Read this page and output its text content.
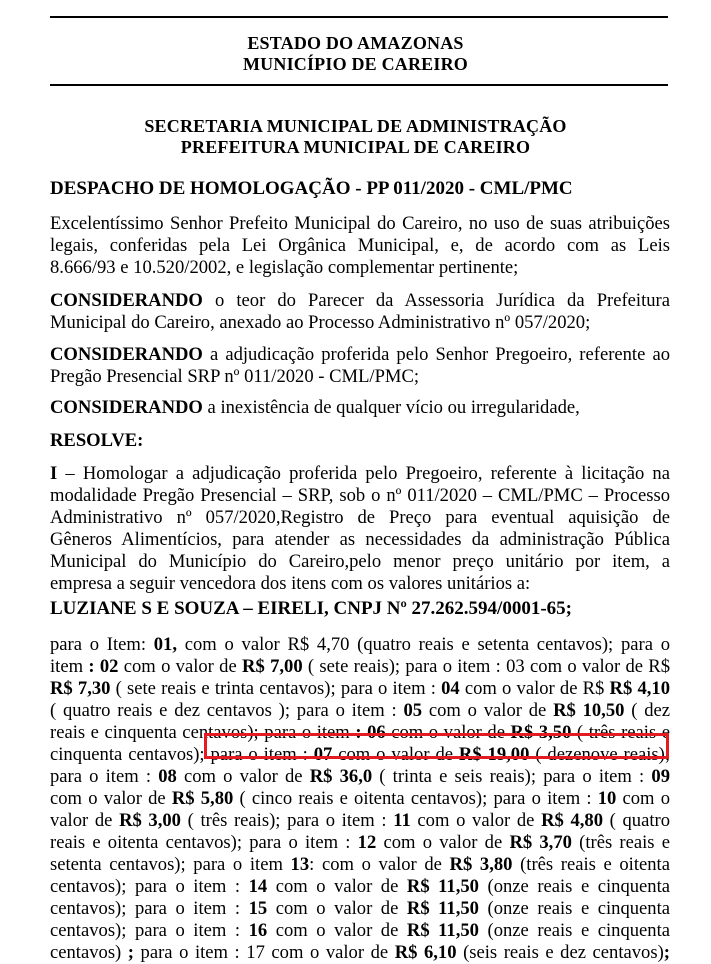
ESTADO DO AMAZONAS
MUNICÍPIO DE CAREIRO
SECRETARIA MUNICIPAL DE ADMINISTRAÇÃO
PREFEITURA MUNICIPAL DE CAREIRO
DESPACHO DE HOMOLOGAÇÃO - PP 011/2020 - CML/PMC
Excelentíssimo Senhor Prefeito Municipal do Careiro, no uso de suas atribuições
legais, conferidas pela Lei Orgânica Municipal, e, de acordo com as Leis
8.666/93 e 10.520/2002, e legislação complementar pertinente;
CONSIDERANDO o teor do Parecer da Assessoria Jurídica da Prefeitura
Municipal do Careiro, anexado ao Processo Administrativo nº 057/2020;
CONSIDERANDO a adjudicação proferida pelo Senhor Pregoeiro, referente ao
Pregão Presencial SRP nº 011/2020 - CML/PMC;
CONSIDERANDO a inexistência de qualquer vício ou irregularidade,
RESOLVE:
I – Homologar a adjudicação proferida pelo Pregoeiro, referente à licitação na
modalidade Pregão Presencial – SRP, sob o nº 011/2020 – CML/PMC – Processo
Administrativo nº 057/2020,Registro de Preço para eventual aquisição de
Gêneros Alimentícios, para atender as necessidades da administração Pública
Municipal do Município do Careiro,pelo menor preço unitário por item, a
empresa a seguir vencedora dos itens com os valores unitários a:
LUZIANE S E SOUZA – EIRELI, CNPJ Nº 27.262.594/0001-65;
para o Item: 01, com o valor R$ 4,70 (quatro reais e setenta centavos); para o
item : 02 com o valor de R$ 7,00 ( sete reais); para o item : 03 com o valor de R$
R$ 7,30 ( sete reais e trinta centavos); para o item : 04 com o valor de R$ R$ 4,10
( quatro reais e dez centavos ); para o item : 05 com o valor de R$ 10,50 ( dez
reais e cinquenta centavos); para o item : 06 com o valor de R$ 3,50 ( três reais e
cinquenta centavos); para o item : 07 com o valor de R$ 19,00 ( dezenove reais);
para o item : 08 com o valor de R$ 36,0 ( trinta e seis reais); para o item : 09
com o valor de R$ 5,80 ( cinco reais e oitenta centavos); para o item : 10 com o
valor de R$ 3,00 ( três reais); para o item : 11 com o valor de R$ 4,80 ( quatro
reais e oitenta centavos); para o item : 12 com o valor de R$ 3,70 (três reais e
setenta centavos); para o item 13: com o valor de R$ 3,80 (três reais e oitenta
centavos); para o item : 14 com o valor de R$ 11,50 (onze reais e cinquenta
centavos); para o item : 15 com o valor de R$ 11,50 (onze reais e cinquenta
centavos); para o item : 16 com o valor de R$ 11,50 (onze reais e cinquenta
centavos) ; para o item : 17 com o valor de R$ 6,10 (seis reais e dez centavos);
